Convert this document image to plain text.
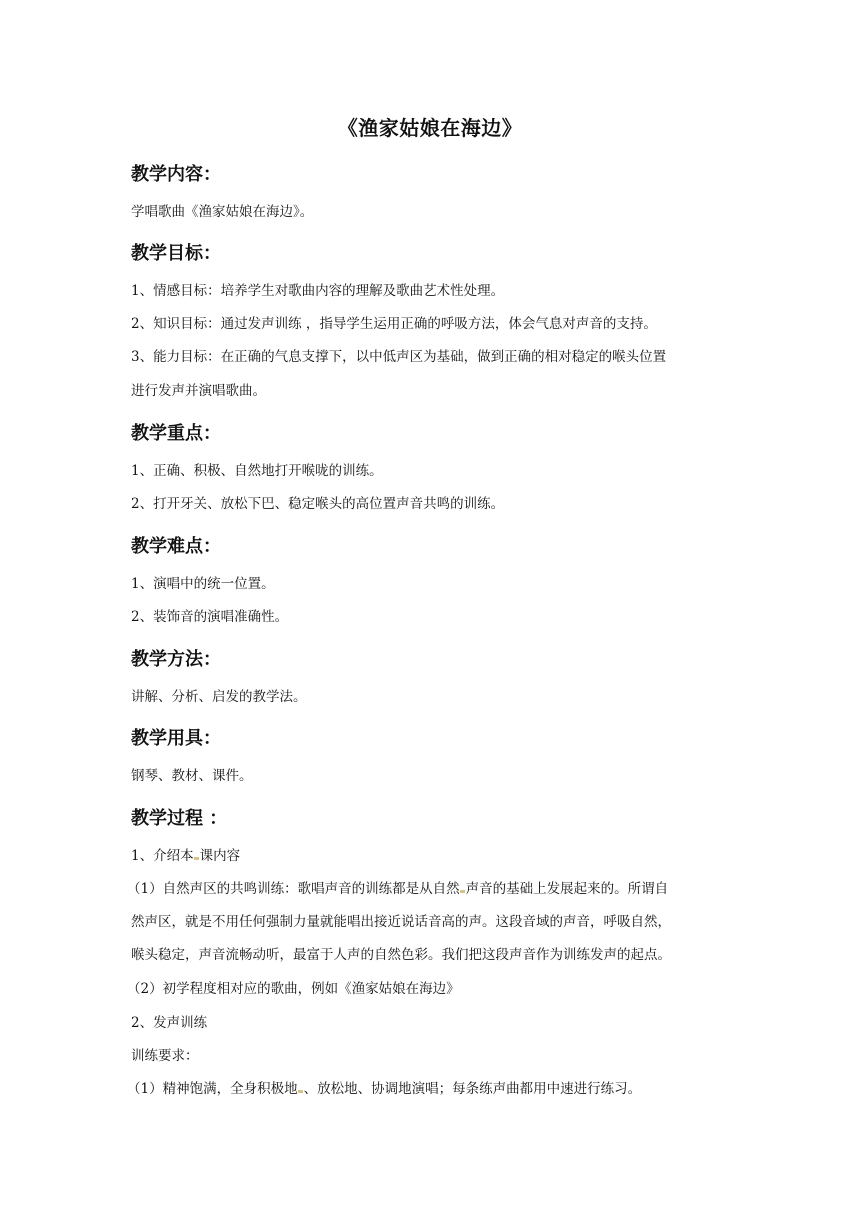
《渔家姑娘在海边》
教学内容：

学唱歌曲《渔家姑娘在海边》。

教学目标：

1、情感目标：培养学生对歌曲内容的理解及歌曲艺术性处理。

2、知识目标：通过发声训练 ，指导学生运用正确的呼吸方法，体会气息对声音的支持。

3、能力目标：在正确的气息支撑下，以中低声区为基础，做到正确的相对稳定的喉头位置

进行发声并演唱歌曲。

教学重点：

1、正确、积极、自然地打开喉咙的训练。

2、打开牙关、放松下巴、稳定喉头的高位置声音共鸣的训练。

教学难点：

1、演唱中的统一位置。

2、装饰音的演唱准确性。

教学方法：

讲解、分析、启发的教学法。

教学用具：

钢琴、教材、课件。

教学过程 ：

1、介绍本 课内容

（1）自然声区的共鸣训练：歌唱声音的训练都是从自然 声音的基础上发展起来的。所谓自

然声区，就是不用任何强制力量就能唱出接近说话音高的声。这段音域的声音，呼吸自然，

喉头稳定，声音流畅动听，最富于人声的自然色彩。我们把这段声音作为训练发声的起点。

（2）初学程度相对应的歌曲，例如《渔家姑娘在海边》

2、发声训练

训练要求：

（1）精神饱满，全身积极地 、放松地、协调地演唱；每条练声曲都用中速进行练习。
